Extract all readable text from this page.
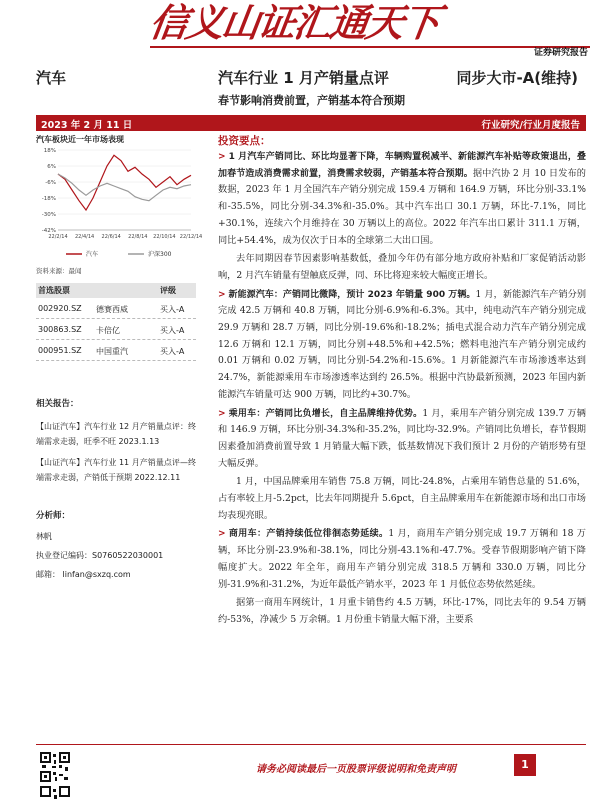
信义山证汇通天下
证券研究报告
汽车	汽车行业 1 月产销量点评	同步大市-A(维持)
春节影响消费前置，产销基本符合预期
2023 年 2 月 11 日	行业研究/行业月度报告
汽车板块近一年市场表现
-42%
-30%
-18%
-6%
6%
18%
22/2/14 22/4/14 22/6/14 22/8/14 22/10/14 22/12/14
汽车	沪深300
资料来源：最闻
首选股票	评级
002920.SZ 德赛西威	买入-A
300863.SZ 卡倍亿	买入-A
000951.SZ 中国重汽	买入-A
相关报告：

【山证汽车】汽车行业 12 月产销量点评：终端需求走弱，旺季不旺 2023.1.13

【山证汽车】汽车行业 11 月产销量点评—终端需求走弱，产销低于预期 2022.12.11

分析师：

林帆

执业登记编码：S0760522030001

邮箱： linfan@sxzq.com

投资要点：
> 1 月汽车产销同比、环比均显著下降，车辆购置税减半、新能源汽车补贴等政策退出，叠加春节造成消费需求前置，消费需求较弱，产销基本符合预期。据中汽协 2 月 10 日发布的数据，2023 年 1 月全国汽车产销分别完成 159.4 万辆和 164.9 万辆，环比分别-33.1%和-35.5%，同比分别-34.3%和-35.0%。其中汽车出口 30.1 万辆，环比-7.1%，同比+30.1%，连续六个月维持在 30 万辆以上的高位。2022 年汽车出口累计 311.1 万辆，同比+54.4%，成为仅次于日本的全球第二大出口国。
去年同期因春节因素影响基数低，叠加今年仍有部分地方政府补贴和厂家促销活动影响，2 月汽车销量有望触底反弹，同、环比将迎来较大幅度正增长。
> 新能源汽车：产销同比微降，预计 2023 年销量 900 万辆。1 月，新能源汽车产销分别完成 42.5 万辆和 40.8 万辆，同比分别-6.9%和-6.3%。其中，纯电动汽车产销分别完成 29.9 万辆和 28.7 万辆，同比分别-19.6%和-18.2%；插电式混合动力汽车产销分别完成 12.6 万辆和 12.1 万辆，同比分别+48.5%和+42.5%；燃料电池汽车产销分别完成约 0.01 万辆和 0.02 万辆，同比分别-54.2%和-15.6%。1 月新能源汽车市场渗透率达到 24.7%，新能源乘用车市场渗透率达到约 26.5%。根据中汽协最新预测，2023 年国内新能源汽车销量可达 900 万辆，同比约+30.7%。
> 乘用车：产销同比负增长，自主品牌维持优势。1 月，乘用车产销分别完成 139.7 万辆和 146.9 万辆，环比分别-34.3%和-35.2%，同比均-32.9%。产销同比负增长，春节假期因素叠加消费前置导致 1 月销量大幅下跌，低基数情况下我们预计 2 月份的产销形势有望大幅反弹。
1 月，中国品牌乘用车销售 75.8 万辆，同比-24.8%，占乘用车销售总量的 51.6%，占有率较上月-5.2pct，比去年同期提升 5.6pct，自主品牌乘用车在新能源市场和出口市场均表现亮眼。
> 商用车：产销持续低位徘徊态势延续。1 月，商用车产销分别完成 19.7 万辆和 18 万辆，环比分别-23.9%和-38.1%，同比分别-43.1%和-47.7%。受春节假期影响产销下降幅度扩大。2022 年全年，商用车产销分别完成 318.5 万辆和 330.0 万辆，同比分别-31.9%和-31.2%，为近年最低产销水平，2023 年 1 月低位态势依然延续。
据第一商用车网统计，1 月重卡销售约 4.5 万辆，环比-17%，同比去年的 9.54 万辆约-53%，净减少 5 万余辆。1 月份重卡销量大幅下滑，主要系
请务必阅读最后一页股票评级说明和免责声明	1
